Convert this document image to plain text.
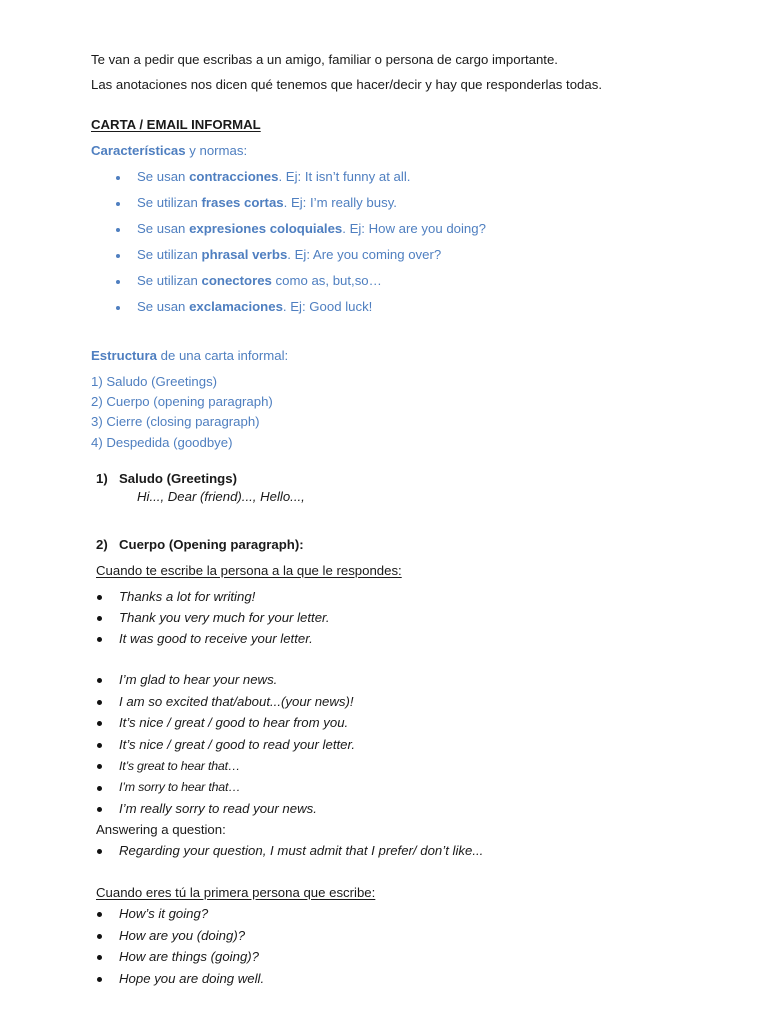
Te van a pedir que escribas a un amigo, familiar o persona de cargo importante.
Las anotaciones nos dicen qué tenemos que hacer/decir y hay que responderlas todas.
CARTA / EMAIL INFORMAL
Características y normas:
Se usan contracciones. Ej: It isn’t funny at all.
Se utilizan frases cortas. Ej: I’m really busy.
Se usan expresiones coloquiales. Ej: How are you doing?
Se utilizan phrasal verbs. Ej: Are you coming over?
Se utilizan conectores como as, but,so…
Se usan exclamaciones. Ej: Good luck!
Estructura de una carta informal:
1) Saludo (Greetings)
2) Cuerpo (opening paragraph)
3) Cierre (closing paragraph)
4) Despedida (goodbye)
1) Saludo (Greetings)
Hi..., Dear (friend)..., Hello...,
2) Cuerpo (Opening paragraph):
Cuando te escribe la persona a la que le respondes:
Thanks a lot for writing!
Thank you very much for your letter.
It was good to receive your letter.
I’m glad to hear your news.
I am so excited that/about...(your news)!
It’s nice / great / good to hear from you.
It’s nice / great / good to read your letter.
It’s great to hear that…
I’m sorry to hear that…
I’m really sorry to read your news.
Answering a question:
Regarding your question, I must admit that I prefer/ don’t like...
Cuando eres tú la primera persona que escribe:
How’s it going?
How are you (doing)?
How are things (going)?
Hope you are doing well.
